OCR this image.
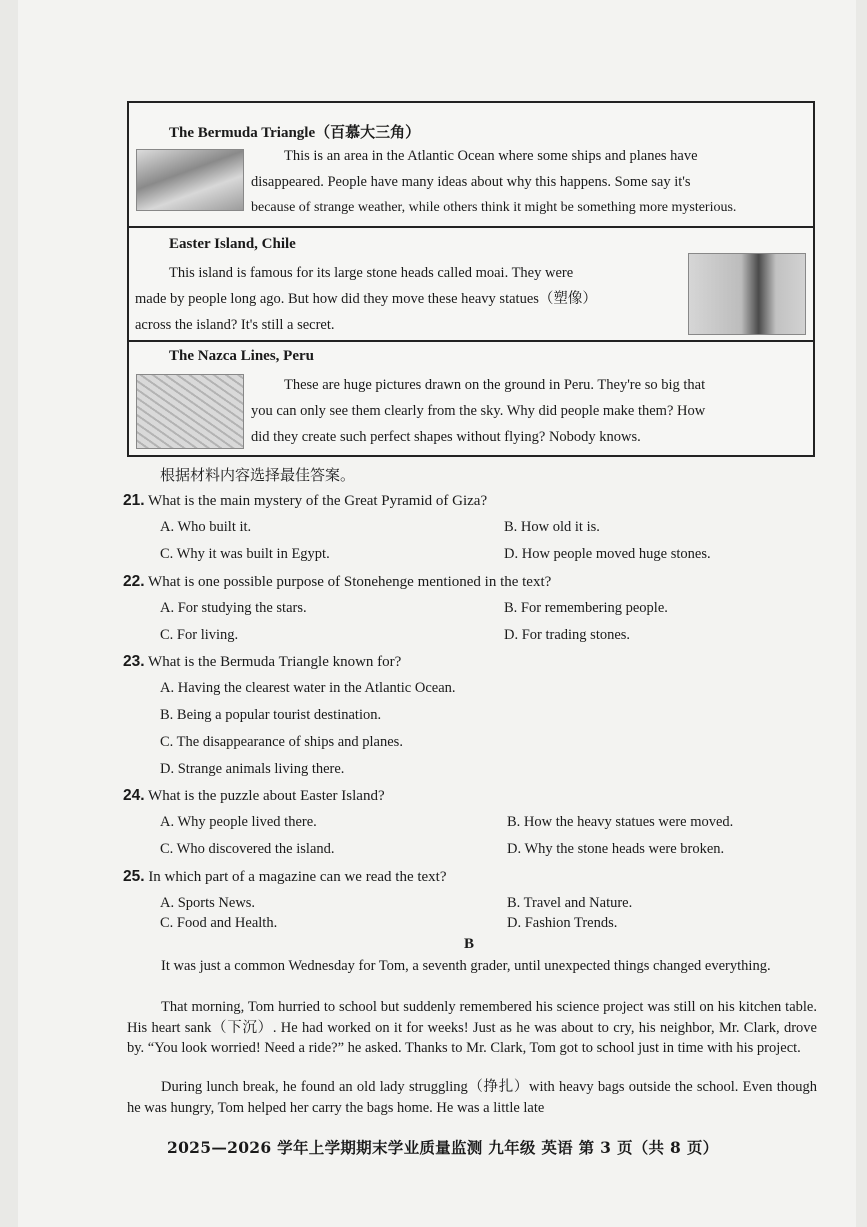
The Bermuda Triangle（百慕大三角）
This is an area in the Atlantic Ocean where some ships and planes have
disappeared. People have many ideas about why this happens. Some say it's
because of strange weather, while others think it might be something more mysterious.
Easter Island, Chile
This island is famous for its large stone heads called moai. They were
made by people long ago. But how did they move these heavy statues（塑像）
across the island? It's still a secret.
The Nazca Lines, Peru
These are huge pictures drawn on the ground in Peru. They're so big that
you can only see them clearly from the sky. Why did people make them? How
did they create such perfect shapes without flying? Nobody knows.
根据材料内容选择最佳答案。
21. What is the main mystery of the Great Pyramid of Giza?
A. Who built it.	B. How old it is.
C. Why it was built in Egypt.	D. How people moved huge stones.
22. What is one possible purpose of Stonehenge mentioned in the text?
A. For studying the stars.	B. For remembering people.
C. For living.	D. For trading stones.
23. What is the Bermuda Triangle known for?
A. Having the clearest water in the Atlantic Ocean.
B. Being a popular tourist destination.
C. The disappearance of ships and planes.
D. Strange animals living there.
24. What is the puzzle about Easter Island?
A. Why people lived there.	B. How the heavy statues were moved.
C. Who discovered the island.	D. Why the stone heads were broken.
25. In which part of a magazine can we read the text?
A. Sports News.	B. Travel and Nature.
C. Food and Health.	D. Fashion Trends.
B
It was just a common Wednesday for Tom, a seventh grader, until unexpected things changed everything.
That morning, Tom hurried to school but suddenly remembered his science project was still on his kitchen table. His heart sank（下沉）. He had worked on it for weeks! Just as he was about to cry, his neighbor, Mr. Clark, drove by. “You look worried! Need a ride?” he asked. Thanks to Mr. Clark, Tom got to school just in time with his project.
During lunch break, he found an old lady struggling（挣扎）with heavy bags outside the school. Even though he was hungry, Tom helped her carry the bags home. He was a little late
2025—2026 学年上学期期末学业质量监测 九年级 英语 第 3 页（共 8 页）
